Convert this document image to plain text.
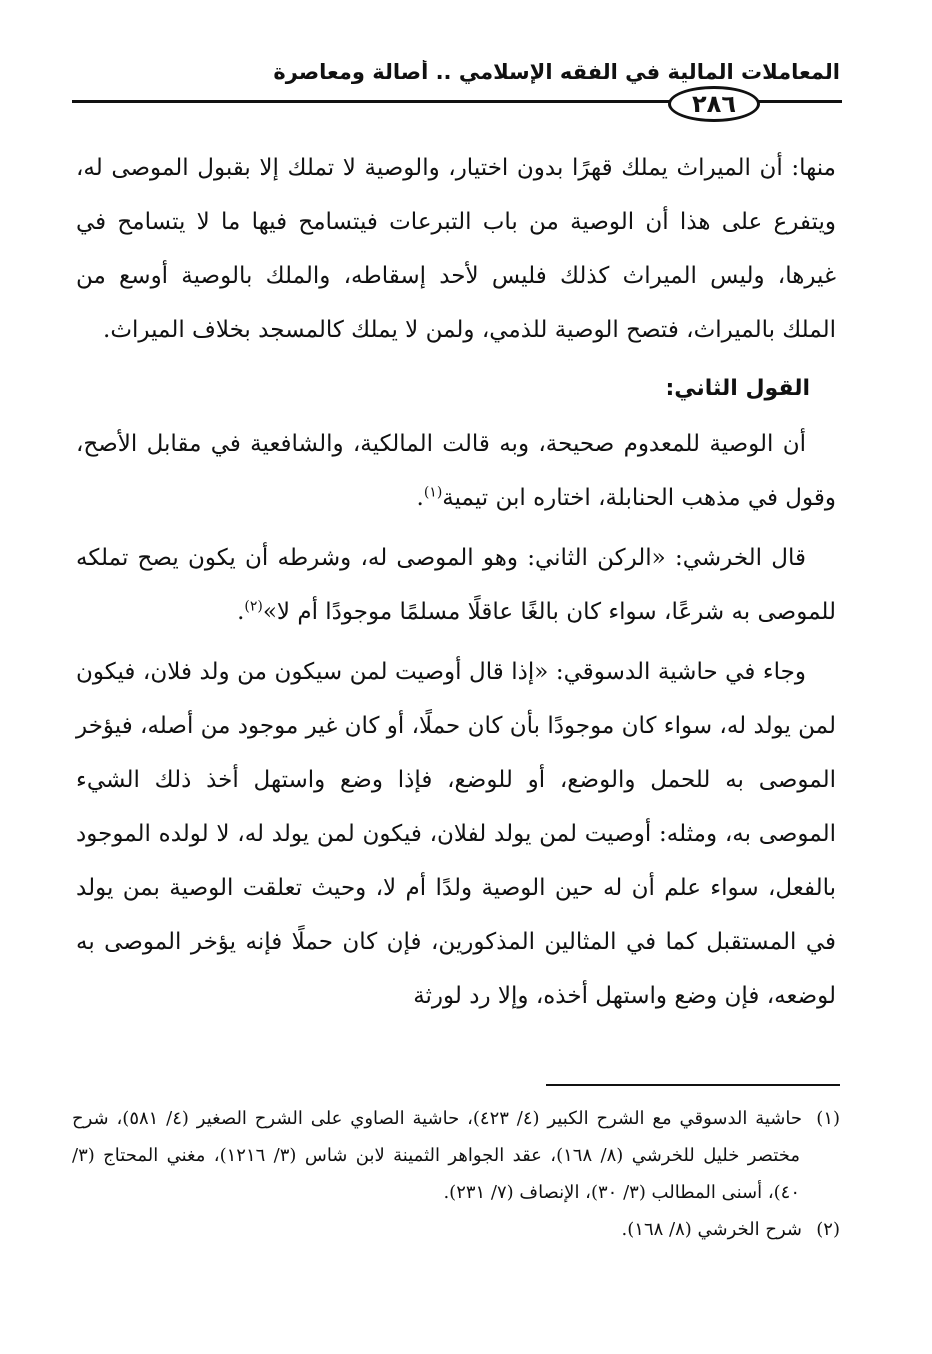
المعاملات المالية في الفقه الإسلامي .. أصالة ومعاصرة
٢٨٦

منها: أن الميراث يملك قهرًا بدون اختيار، والوصية لا تملك إلا بقبول الموصى له، ويتفرع على هذا أن الوصية من باب التبرعات فيتسامح فيها ما لا يتسامح في غيرها، وليس الميراث كذلك فليس لأحد إسقاطه، والملك بالوصية أوسع من الملك بالميراث، فتصح الوصية للذمي، ولمن لا يملك كالمسجد بخلاف الميراث.

القول الثاني:

أن الوصية للمعدوم صحيحة، وبه قالت المالكية، والشافعية في مقابل الأصح، وقول في مذهب الحنابلة، اختاره ابن تيمية$^{(١)}$.

قال الخرشي: «الركن الثاني: وهو الموصى له، وشرطه أن يكون يصح تملكه للموصى به شرعًا، سواء كان بالغًا عاقلًا مسلمًا موجودًا أم لا»$^{(٢)}$.

وجاء في حاشية الدسوقي: «إذا قال أوصيت لمن سيكون من ولد فلان، فيكون لمن يولد له، سواء كان موجودًا بأن كان حملًا، أو كان غير موجود من أصله، فيؤخر الموصى به للحمل والوضع، أو للوضع، فإذا وضع واستهل أخذ ذلك الشيء الموصى به، ومثله: أوصيت لمن يولد لفلان، فيكون لمن يولد له، لا لولده الموجود بالفعل، سواء علم أن له حين الوصية ولدًا أم لا، وحيث تعلقت الوصية بمن يولد في المستقبل كما في المثالين المذكورين، فإن كان حملًا فإنه يؤخر الموصى به لوضعه، فإن وضع واستهل أخذه، وإلا رد لورثة

(١)حاشية الدسوقي مع الشرح الكبير (٤/ ٤٢٣)، حاشية الصاوي على الشرح الصغير (٤/ ٥٨١)، شرح مختصر خليل للخرشي (٨/ ١٦٨)، عقد الجواهر الثمينة لابن شاس (٣/ ١٢١٦)، مغني المحتاج (٣/ ٤٠)، أسنى المطالب (٣/ ٣٠)، الإنصاف (٧/ ٢٣١).

(٢)شرح الخرشي (٨/ ١٦٨).
